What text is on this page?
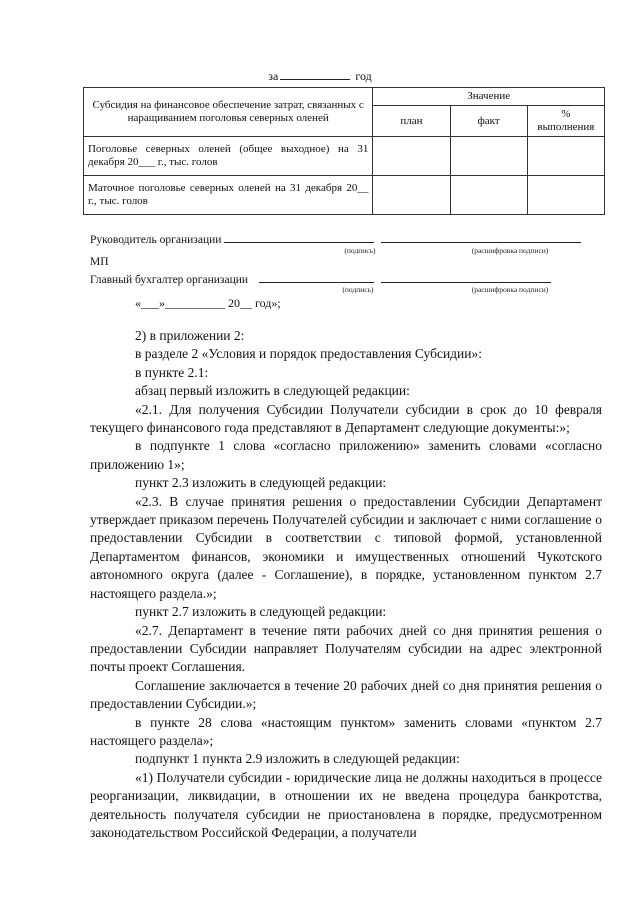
за	год
Субсидия на финансовое обеспечение затрат, связанных с наращиванием поголовья северных оленей	Значение		
	план	факт	% выполнения
Поголовье северных оленей (общее выходное) на 31 декабря 20___ г., тыс. голов			
Маточное поголовье северных оленей на 31 декабря 20__ г., тыс. голов			
Руководитель организации
(подпись)	(расшифровка подписи)
МП
Главный бухгалтер организации
(подпись)	(расшифровка подписи)
«___»__________ 20__ год»;

2) в приложении 2:

в разделе 2 «Условия и порядок предоставления Субсидии»:

в пункте 2.1:

абзац первый изложить в следующей редакции:

«2.1. Для получения Субсидии Получатели субсидии в срок до 10 февраля текущего финансового года представляют в Департамент следующие документы:»;

в подпункте 1 слова «согласно приложению» заменить словами «согласно приложению 1»;

пункт 2.3 изложить в следующей редакции:

«2.3. В случае принятия решения о предоставлении Субсидии Департамент утверждает приказом перечень Получателей субсидии и заключает с ними соглашение о предоставлении Субсидии в соответствии с типовой формой, установленной Департаментом финансов, экономики и имущественных отношений Чукотского автономного округа (далее - Соглашение), в порядке, установленном пунктом 2.7 настоящего раздела.»;

пункт 2.7 изложить в следующей редакции:

«2.7. Департамент в течение пяти рабочих дней со дня принятия решения о предоставлении Субсидии направляет Получателям субсидии на адрес электронной почты проект Соглашения.

Соглашение заключается в течение 20 рабочих дней со дня принятия решения о предоставлении Субсидии.»;

в пункте 28 слова «настоящим пунктом» заменить словами «пунктом 2.7 настоящего раздела»;

подпункт 1 пункта 2.9 изложить в следующей редакции:

«1) Получатели субсидии - юридические лица не должны находиться в процессе реорганизации, ликвидации, в отношении их не введена процедура банкротства, деятельность получателя субсидии не приостановлена в порядке, предусмотренном законодательством Российской Федерации, а получатели
